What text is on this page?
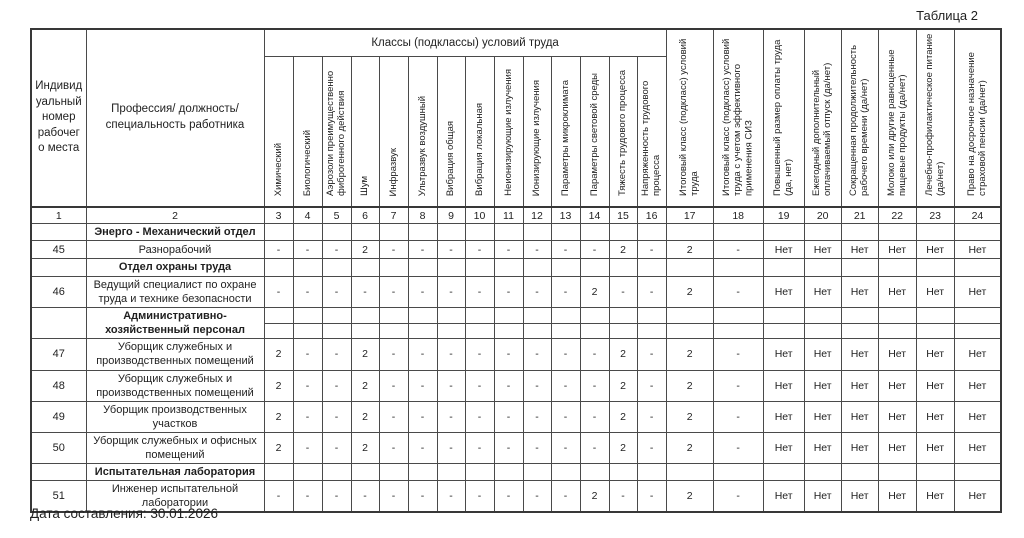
Таблица 2
Индивидуальный номер рабочего места	Профессия/ должность/ специальность работника	Классы (подклассы) условий труда														Итоговый класс (подкласс) условий труда	Итоговый класс (подкласс) условий труда с учетом эффективного применения СИЗ	Повышенный размер оплаты труда (да, нет)	Ежегодный дополнительный оплачиваемый отпуск (да/нет)	Сокращенная продолжительность рабочего времени (да/нет)	Молоко или другие равноценные пищевые продукты (да/нет)	Лечебно-профилактическое питание (да/нет)	Право на досрочное назначение страховой пенсии (да/нет)
		Химический	Биологический	Аэрозоли преимущественно фиброгенного действия	Шум	Инфразвук	Ультразвук воздушный	Вибрация общая	Вибрация локальная	Неионизирующие излучения	Ионизирующие излучения	Параметры микроклимата	Параметры световой среды	Тяжесть трудового процесса	Напряженность трудового процесса								
1	2	3	4	5	6	7	8	9	10	11	12	13	14	15	16	17	18	19	20	21	22	23	24
	Энерго - Механический отдел																						
45	Разнорабочий	-	-	-	2	-	-	-	-	-	-	-	-	2	-	2	-	Нет	Нет	Нет	Нет	Нет	Нет
	Отдел охраны труда																						
46	Ведущий специалист по охране труда и технике безопасности	-	-	-	-	-	-	-	-	-	-	-	2	-	-	2	-	Нет	Нет	Нет	Нет	Нет	Нет
	Административно-хозяйственный персонал																						

47	Уборщик служебных и производственных помещений	2	-	-	2	-	-	-	-	-	-	-	-	2	-	2	-	Нет	Нет	Нет	Нет	Нет	Нет
48	Уборщик служебных и производственных помещений	2	-	-	2	-	-	-	-	-	-	-	-	2	-	2	-	Нет	Нет	Нет	Нет	Нет	Нет
49	Уборщик производственных участков	2	-	-	2	-	-	-	-	-	-	-	-	2	-	2	-	Нет	Нет	Нет	Нет	Нет	Нет
50	Уборщик служебных и офисных помещений	2	-	-	2	-	-	-	-	-	-	-	-	2	-	2	-	Нет	Нет	Нет	Нет	Нет	Нет
	Испытательная лаборатория																						
51	Инженер испытательной лаборатории	-	-	-	-	-	-	-	-	-	-	-	2	-	-	2	-	Нет	Нет	Нет	Нет	Нет	Нет
Дата составления: 30.01.2026
